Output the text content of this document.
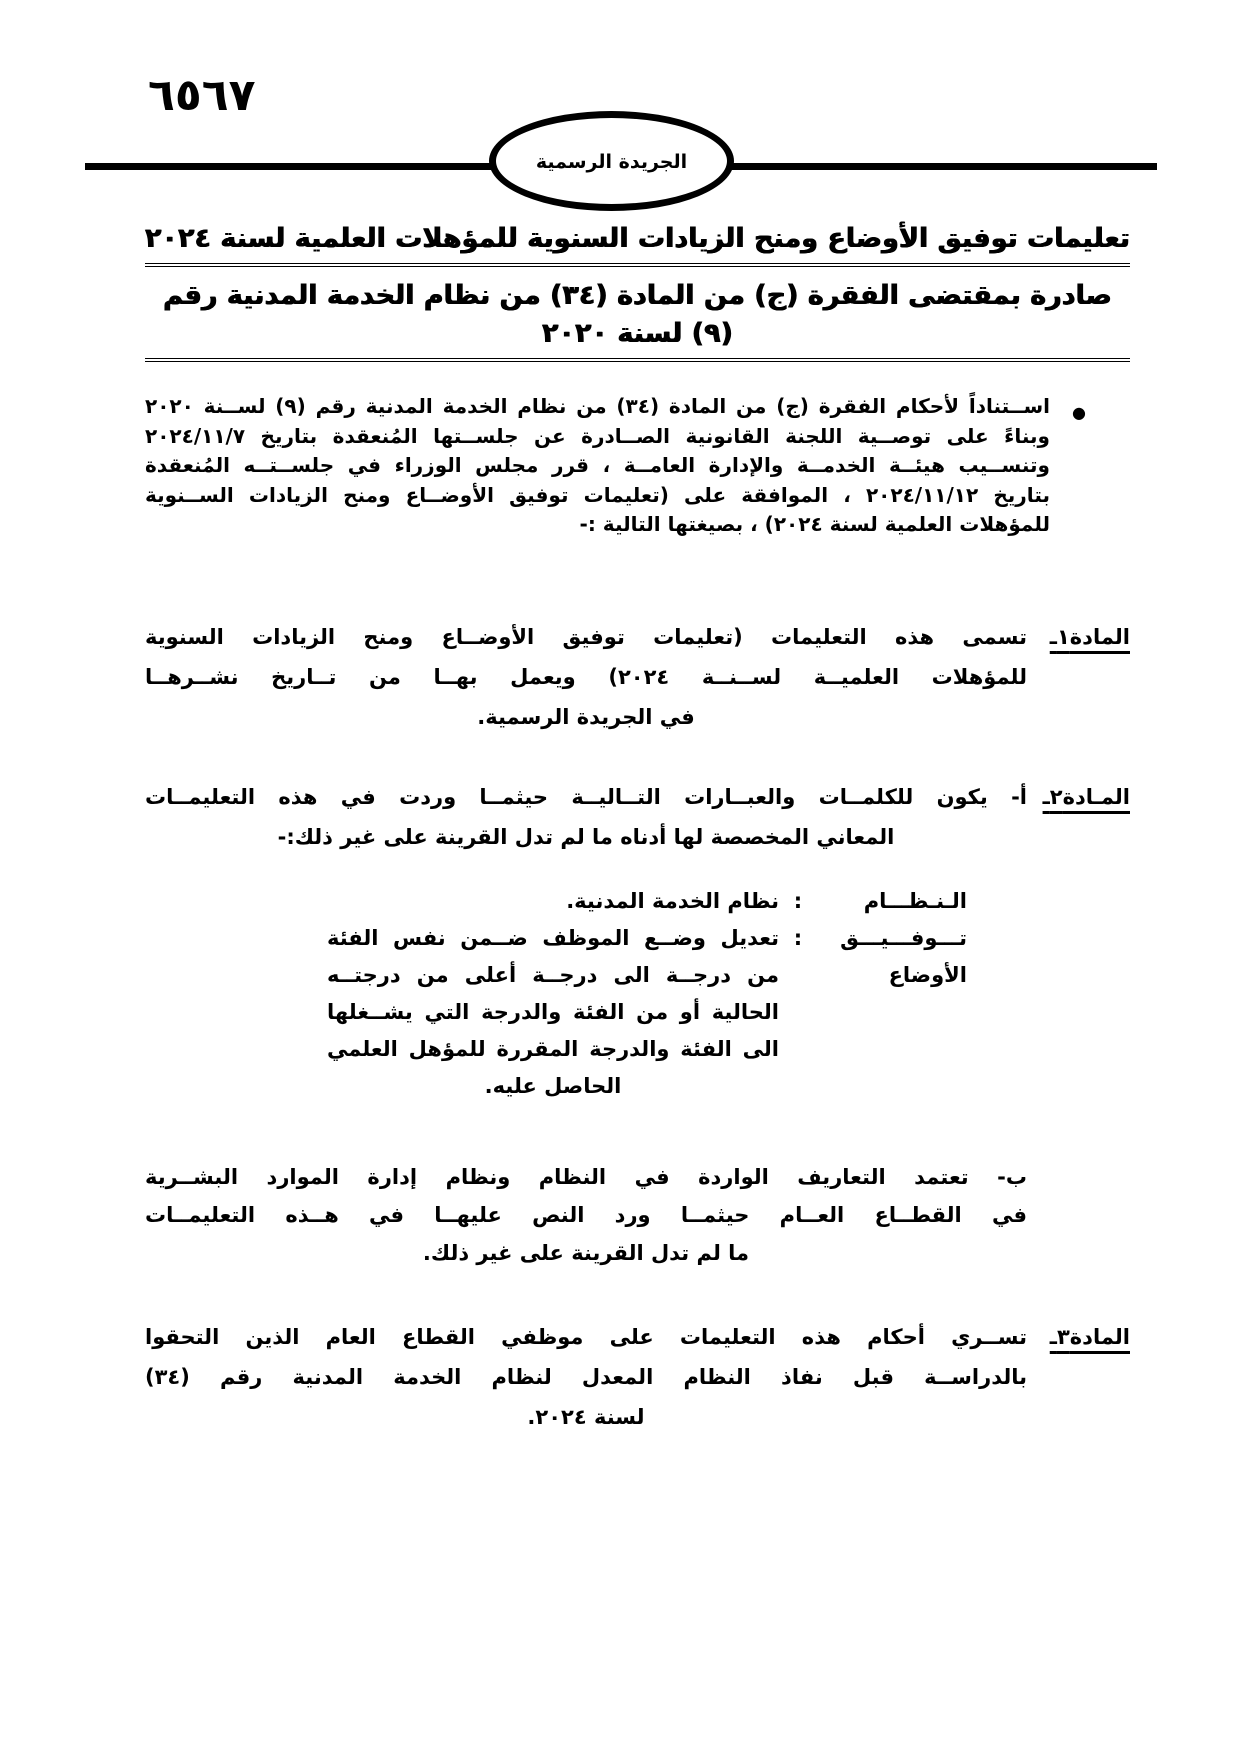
٦٥٦٧
الجريدة الرسمية
تعليمات توفيق الأوضاع ومنح الزيادات السنوية للمؤهلات العلمية لسنة ٢٠٢٤
صادرة بمقتضى الفقرة (ج) من المادة (٣٤) من نظام الخدمة المدنية رقم (٩) لسنة ٢٠٢٠
●
اســتناداً لأحكام الفقرة (ج) من المادة (٣٤) من نظام الخدمة المدنية رقم (٩) لســنة ٢٠٢٠
وبناءً على توصــية اللجنة القانونية الصــادرة عن جلســتها المُنعقدة بتاريخ ٢٠٢٤/١١/٧
وتنســيب هيئــة الخدمــة والإدارة العامــة ، قرر مجلس الوزراء في جلســتــه المُنعقدة
بتاريخ ٢٠٢٤/١١/١٢ ، الموافقة على (تعليمات توفيق الأوضــاع ومنح الزيادات الســنوية
للمؤهلات العلمية لسنة ٢٠٢٤) ، بصيغتها التالية :-
المادة١ـ
تسمى هذه التعليمات (تعليمات توفيق الأوضــاع ومنح الزيادات السنوية
للمؤهلات العلميــة لســنــة ٢٠٢٤) ويعمل بهــا من تــاريخ نشــرهــا
في الجريدة الرسمية.
المـادة٢ـ
أ- يكون للكلمــات والعبــارات التــاليــة حيثمــا وردت في هذه التعليمــات
المعاني المخصصة لها أدناه ما لم تدل القرينة على غير ذلك:-
الـنـظـــام
:
نظام الخدمة المدنية.
تـــوفـــيـــق
الأوضاع
:
تعديل وضــع الموظف ضــمن نفس الفئة
من درجــة الى درجــة أعلى من درجتــه
الحالية أو من الفئة والدرجة التي يشــغلها
الى الفئة والدرجة المقررة للمؤهل العلمي
الحاصل عليه.
ب- تعتمد التعاريف الواردة في النظام ونظام إدارة الموارد البشــرية
في القطــاع العــام حيثمــا ورد النص عليهــا في هــذه التعليمــات
ما لم تدل القرينة على غير ذلك.
المادة٣ـ
تســري أحكام هذه التعليمات على موظفي القطاع العام الذين التحقوا
بالدراســة قبل نفاذ النظام المعدل لنظام الخدمة المدنية رقم (٣٤)
لسنة ٢٠٢٤.
